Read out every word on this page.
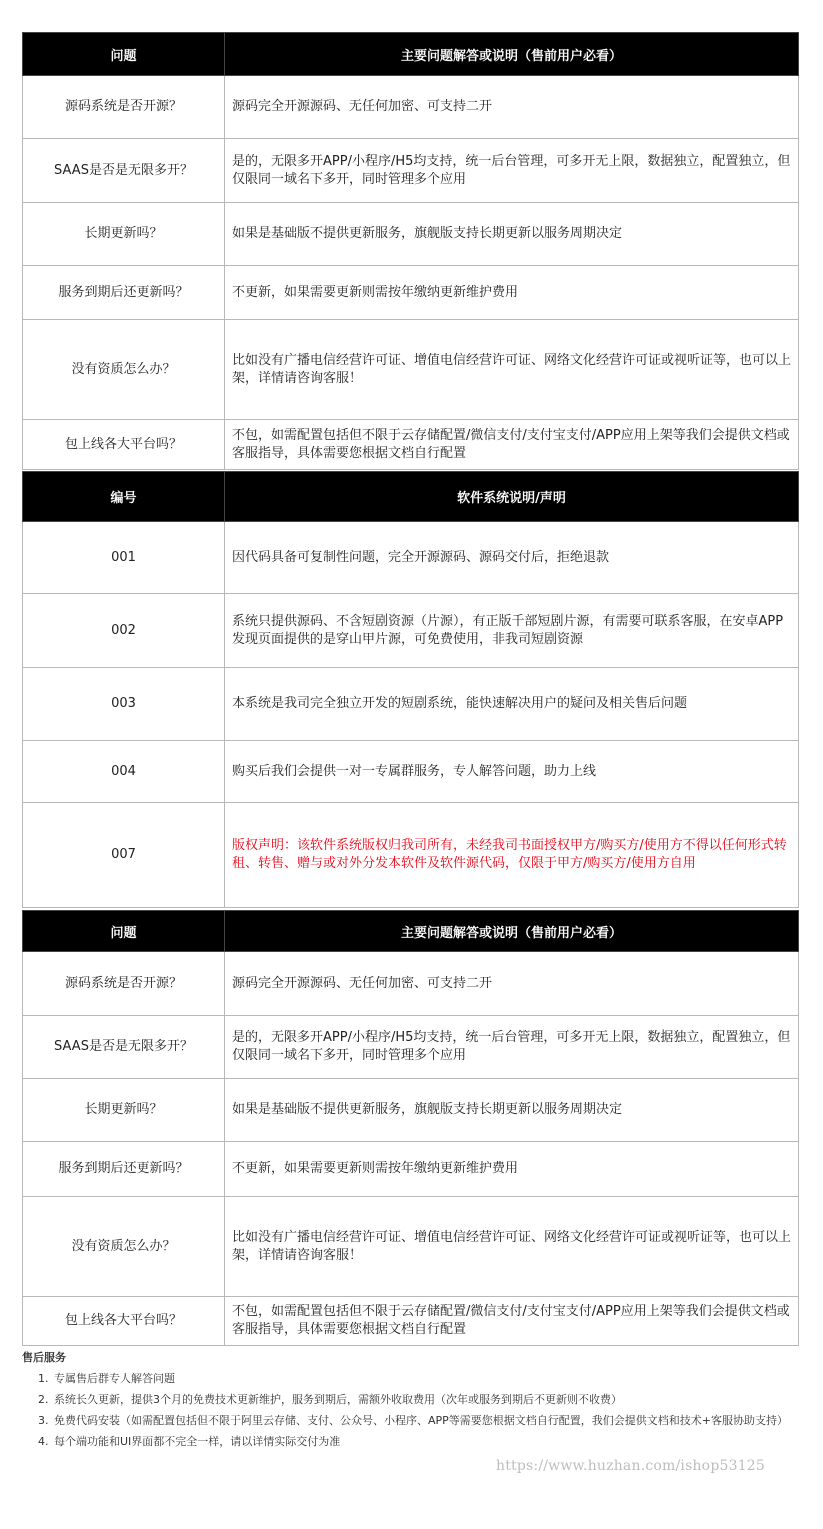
问题	主要问题解答或说明（售前用户必看）
源码系统是否开源？	源码完全开源源码、无任何加密、可支持二开
SAAS是否是无限多开？	是的，无限多开APP/小程序/H5均支持，统一后台管理，可多开无上限，数据独立，配置独立，但仅限同一域名下多开，同时管理多个应用
长期更新吗？	如果是基础版不提供更新服务，旗舰版支持长期更新以服务周期决定
服务到期后还更新吗？	不更新，如果需要更新则需按年缴纳更新维护费用
没有资质怎么办？	比如没有广播电信经营许可证、增值电信经营许可证、网络文化经营许可证或视听证等，也可以上架，详情请咨询客服！
包上线各大平台吗？	不包，如需配置包括但不限于云存储配置/微信支付/支付宝支付/APP应用上架等我们会提供文档或客服指导，具体需要您根据文档自行配置
编号	软件系统说明/声明
001	因代码具备可复制性问题，完全开源源码、源码交付后，拒绝退款
002	系统只提供源码、不含短剧资源（片源），有正版千部短剧片源，有需要可联系客服，在安卓APP发现页面提供的是穿山甲片源，可免费使用，非我司短剧资源
003	本系统是我司完全独立开发的短剧系统，能快速解决用户的疑问及相关售后问题
004	购买后我们会提供一对一专属群服务，专人解答问题，助力上线
007	版权声明：该软件系统版权归我司所有，未经我司书面授权甲方/购买方/使用方不得以任何形式转租、转售、赠与或对外分发本软件及软件源代码，仅限于甲方/购买方/使用方自用
问题	主要问题解答或说明（售前用户必看）
源码系统是否开源？	源码完全开源源码、无任何加密、可支持二开
SAAS是否是无限多开？	是的，无限多开APP/小程序/H5均支持，统一后台管理，可多开无上限，数据独立，配置独立，但仅限同一域名下多开，同时管理多个应用
长期更新吗？	如果是基础版不提供更新服务，旗舰版支持长期更新以服务周期决定
服务到期后还更新吗？	不更新，如果需要更新则需按年缴纳更新维护费用
没有资质怎么办？	比如没有广播电信经营许可证、增值电信经营许可证、网络文化经营许可证或视听证等，也可以上架，详情请咨询客服！
包上线各大平台吗？	不包，如需配置包括但不限于云存储配置/微信支付/支付宝支付/APP应用上架等我们会提供文档或客服指导，具体需要您根据文档自行配置
售后服务
1. 专属售后群专人解答问题
2. 系统长久更新，提供3个月的免费技术更新维护，服务到期后，需额外收取费用（次年或服务到期后不更新则不收费）
3. 免费代码安装（如需配置包括但不限于阿里云存储、支付、公众号、小程序、APP等需要您根据文档自行配置，我们会提供文档和技术+客服协助支持）
4. 每个端功能和UI界面都不完全一样，请以详情实际交付为准
https://www.huzhan.com/ishop53125
